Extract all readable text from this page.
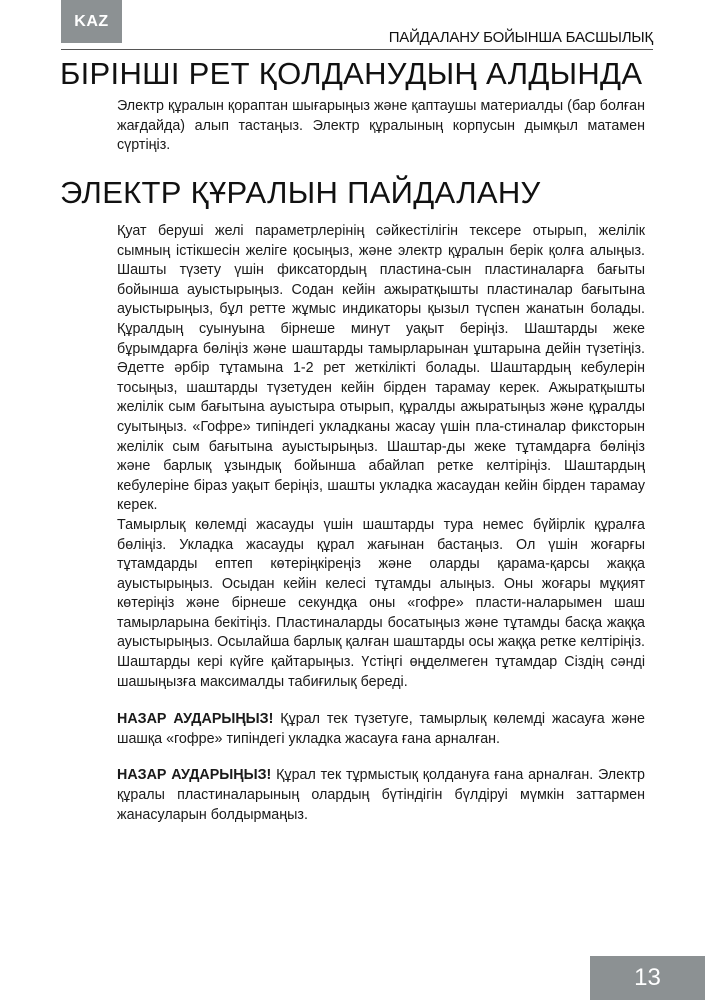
KAZ
ПАЙДАЛАНУ БОЙЫНША БАСШЫЛЫҚ
БІРІНШІ РЕТ ҚОЛДАНУДЫҢ АЛДЫНДА

Электр құралын қораптан шығарыңыз және қаптаушы материалды (бар болған жағдайда) алып тастаңыз. Электр құралының корпусын дымқыл матамен сүртіңіз.

ЭЛЕКТР ҚҰРАЛЫН ПАЙДАЛАНУ

Қуат беруші желі параметрлерінің сәйкестілігін тексере отырып, желілік сымның істікшесін желіге қосыңыз, және электр құралын берік қолға алыңыз. Шашты түзету үшін фиксатордың пластина-сын пластиналарға бағыты бойынша ауыстырыңыз. Содан кейін ажыратқышты пластиналар бағытына ауыстырыңыз, бұл ретте жұмыс индикаторы қызыл түспен жанатын болады. Құралдың суынуына бірнеше минут уақыт беріңіз. Шаштарды жеке бұрымдарға бөліңіз және шаштарды тамырларынан ұштарына дейін түзетіңіз. Әдетте әрбір тұтамына 1-2 рет жеткілікті болады. Шаштардың кебулерін тосыңыз, шаштарды түзетуден кейін бірден тарамау керек. Ажыратқышты желілік сым бағытына ауыстыра отырып, құралды ажыратыңыз және құралды суытыңыз. «Гофре» типіндегі укладканы жасау үшін пла-стиналар фиксторын желілік сым бағытына ауыстырыңыз. Шаштар-ды жеке тұтамдарға бөліңіз және барлық ұзындық бойынша абайлап ретке келтіріңіз. Шаштардың кебулеріне біраз уақыт беріңіз, шашты укладка жасаудан кейін бірден тарамау керек.

Тамырлық көлемді жасауды үшін шаштарды тура немес бүйірлік құралға бөліңіз. Укладка жасауды құрал жағынан бастаңыз. Ол үшін жоғарғы тұтамдарды ептеп көтеріңкіреңіз және оларды қарама-қарсы жаққа ауыстырыңыз. Осыдан кейін келесі тұтамды алыңыз. Оны жоғары мұқият көтеріңіз және бірнеше секундқа оны «гофре» пласти-наларымен шаш тамырларына бекітіңіз. Пластиналарды босатыңыз және тұтамды басқа жаққа ауыстырыңыз. Осылайша барлық қалған шаштарды осы жаққа ретке келтіріңіз. Шаштарды кері күйге қайтарыңыз. Үстіңгі өңделмеген тұтамдар Сіздің сәнді шашыңызға максималды табиғилық береді.

НАЗАР АУДАРЫҢЫЗ! Құрал тек түзетуге, тамырлық көлемді жасауға және шашқа «гофре» типіндегі укладка жасауға ғана арналған.

НАЗАР АУДАРЫҢЫЗ! Құрал тек тұрмыстық қолдануға ғана арналған. Электр құралы пластиналарының олардың бүтіндігін бүлдіруі мүмкін заттармен жанасуларын болдырмаңыз.

13
